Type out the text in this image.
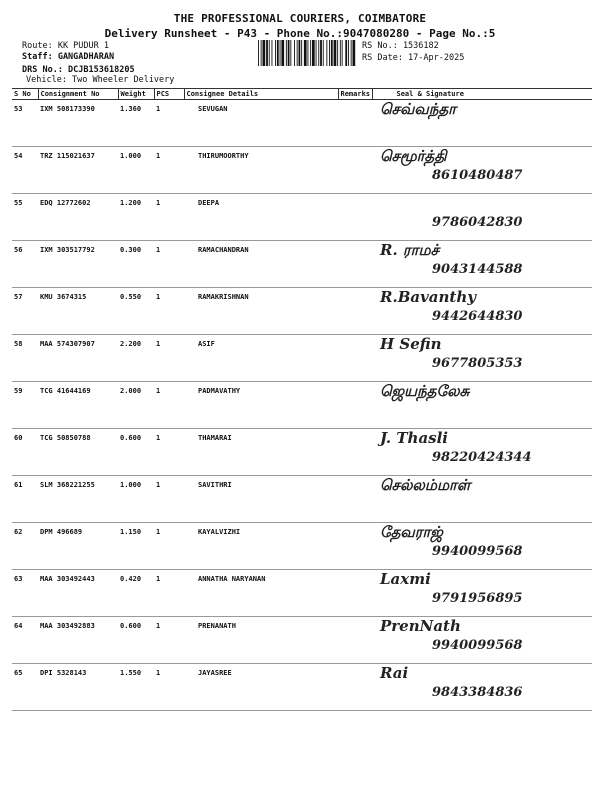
THE PROFESSIONAL COURIERS, COIMBATORE
Delivery Runsheet - P43 - Phone No.:9047080280 - Page No.:5
Route: KK PUDUR 1
Staff: GANGADHARAN
DRS No.: DCJB153618205
Vehicle: Two Wheeler Delivery
RS No.: 1536182
RS Date: 17-Apr-2025
S No	Consignment No	Weight	PCS	Consignee Details	Remarks	Seal & Signature
53	IXM 508173390	1.360	1	SEVUGAN		செவ்வந்தா

54	TRZ 115021637	1.000	1	THIRUMOORTHY		செமூர்த்தி
8610480487

55	EDQ 12772602	1.200	1	DEEPA		9786042830

56	IXM 303517792	0.300	1	RAMACHANDRAN		R. ராமச்
9043144588

57	KMU 3674315	0.550	1	RAMAKRISHNAN		R.Bavanthy
9442644830

58	MAA 574307907	2.200	1	ASIF		H Sefin
9677805353

59	TCG 41644169	2.000	1	PADMAVATHY		ஜெயந்தலேசு

60	TCG 50850788	0.600	1	THAMARAI		J. Thasli
98220424344

61	SLM 368221255	1.000	1	SAVITHRI		செல்லம்மாள்

62	DPM 496689	1.150	1	KAYALVIZHI		தேவராஜ்
9940099568

63	MAA 303492443	0.420	1	ANNATHA NARYANAN		Laxmi
9791956895

64	MAA 303492883	0.600	1	PRENANATH		PrenNath
9940099568

65	DPI 5328143	1.550	1	JAYASREE		Rai
9843384836
